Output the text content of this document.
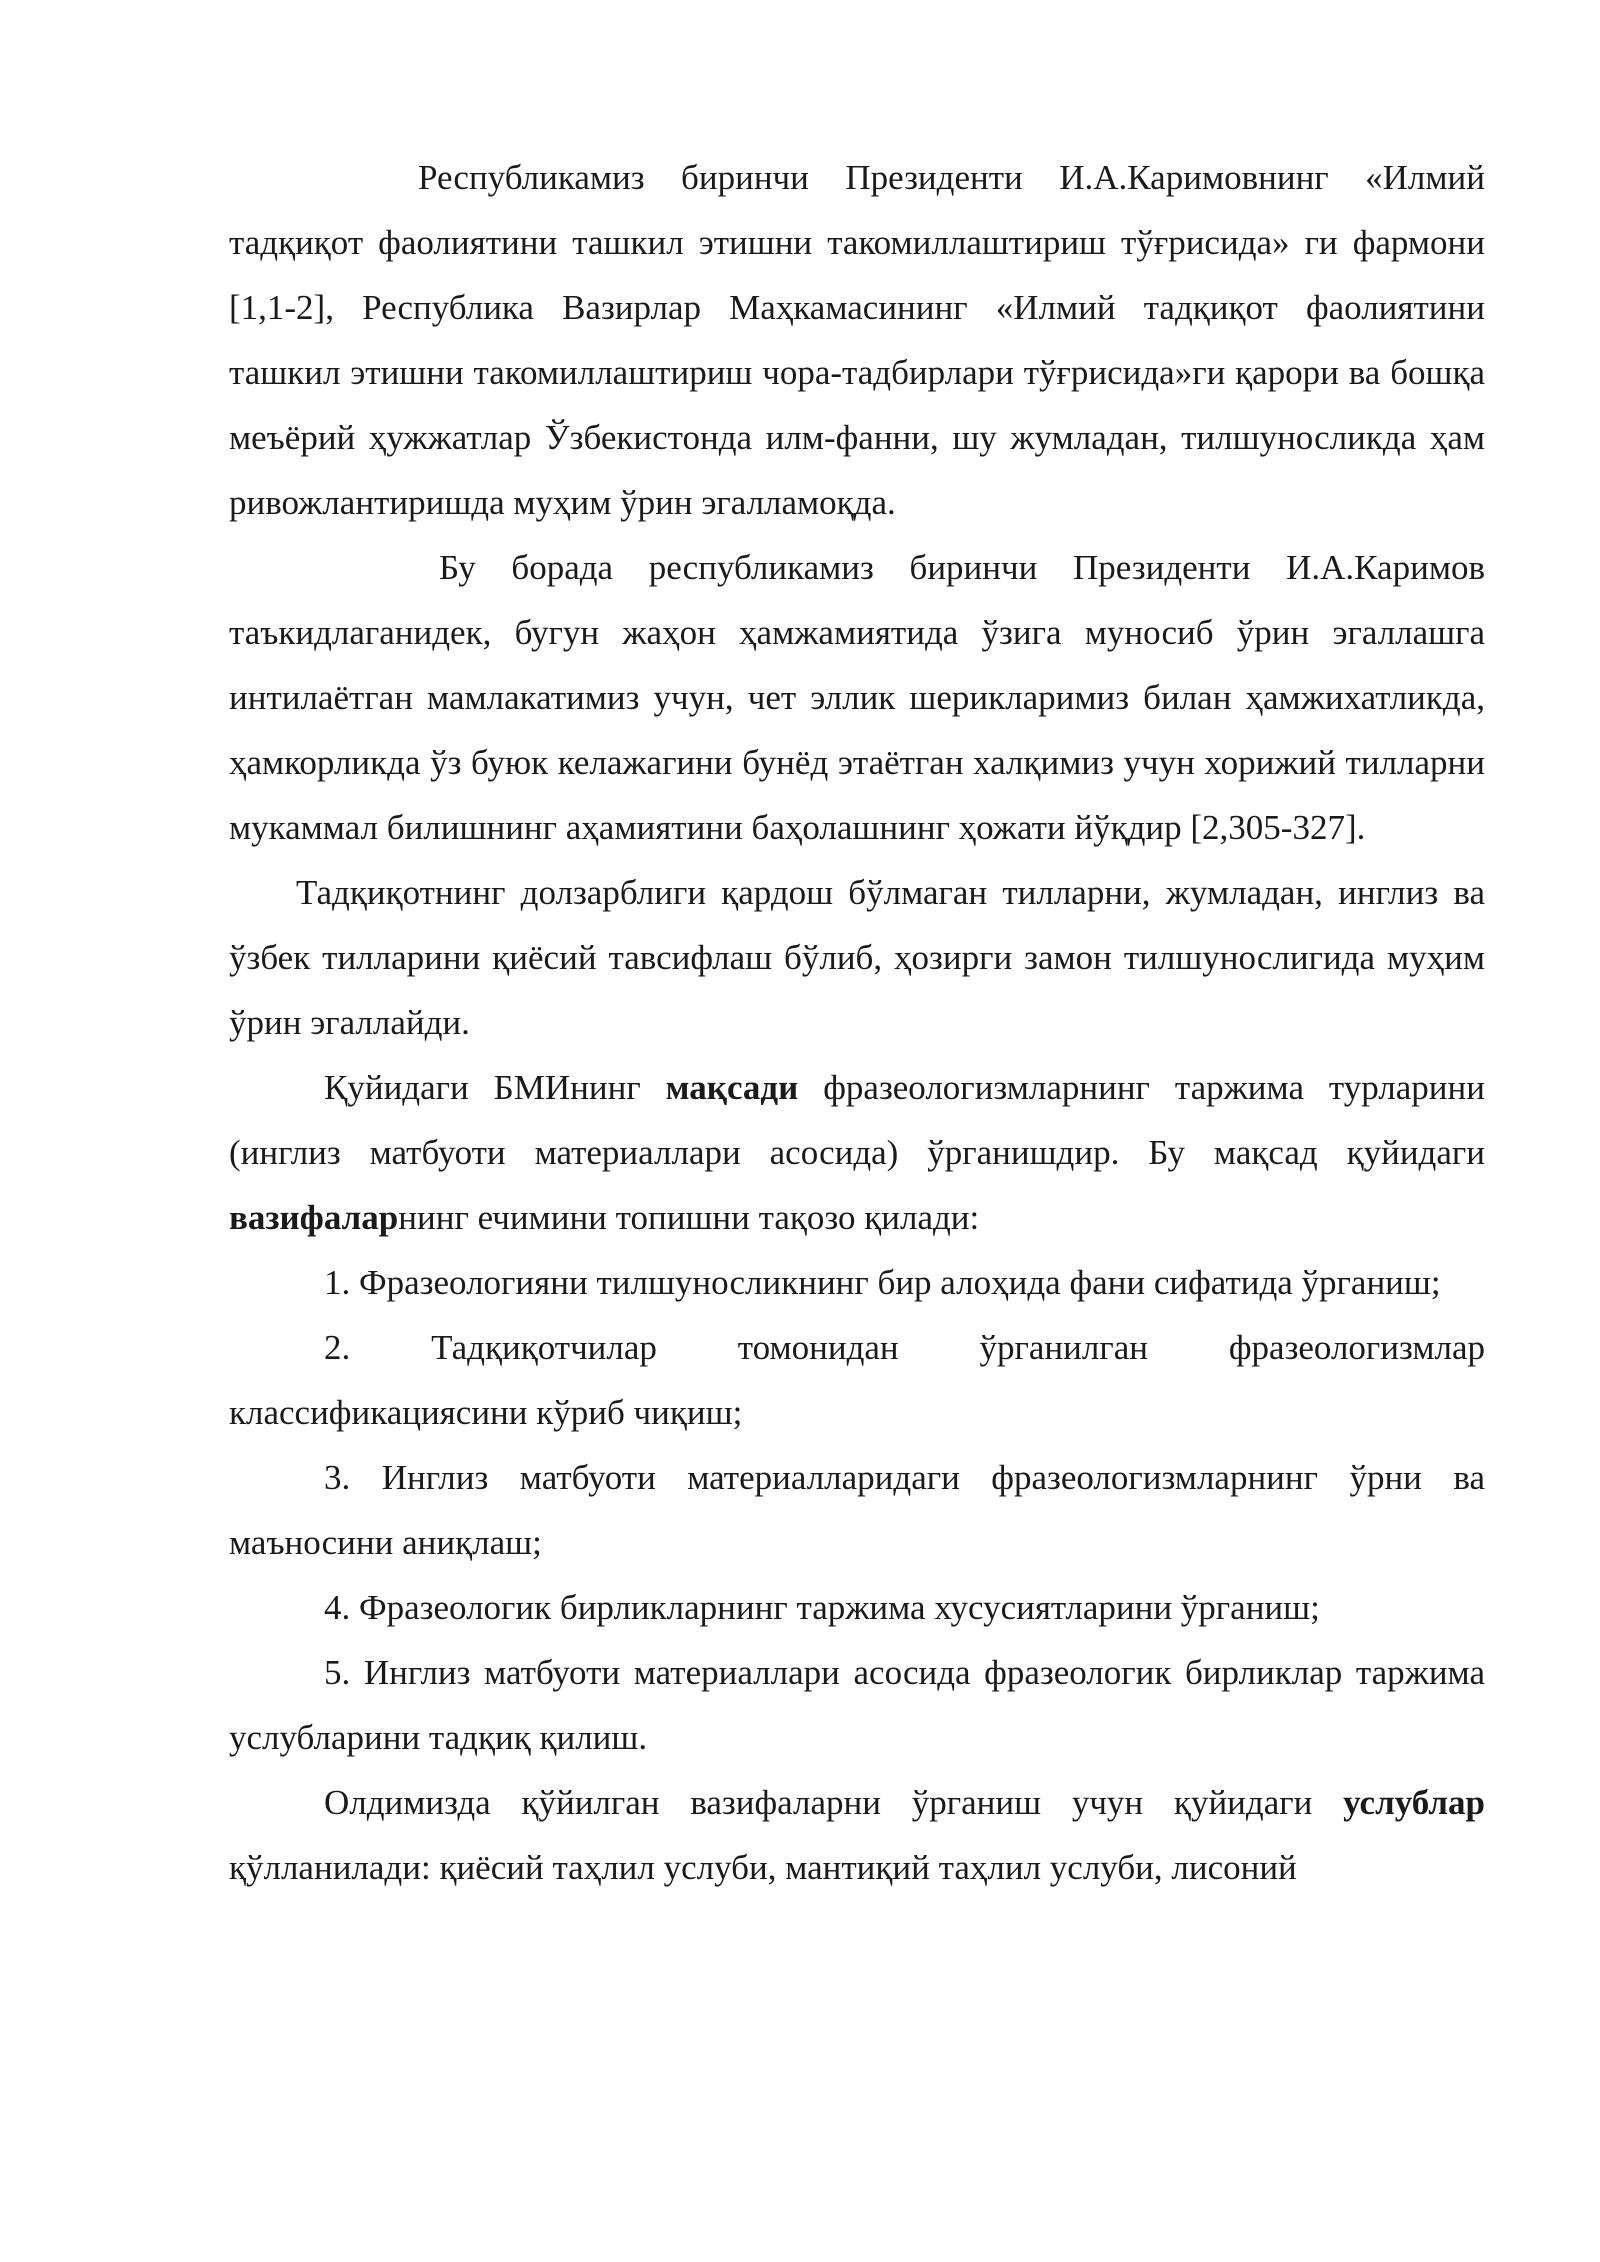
Республикамиз биринчи Президенти И.А.Каримовнинг «Илмий тадқиқот фаолиятини ташкил этишни такомиллаштириш тўғрисида» ги фармони [1,1-2], Республика Вазирлар Маҳкамасининг «Илмий тадқиқот фаолиятини ташкил этишни такомиллаштириш чора-тадбирлари тўғрисида»ги қарори ва бошқа меъёрий ҳужжатлар Ўзбекистонда илм-фанни, шу жумладан, тилшуносликда ҳам ривожлантиришда муҳим ўрин эгалламоқда.

Бу борада республикамиз биринчи Президенти И.А.Каримов таъкидлаганидек, бугун жаҳон ҳамжамиятида ўзига муносиб ўрин эгаллашга интилаётган мамлакатимиз учун, чет эллик шерикларимиз билан ҳамжихатликда, ҳамкорликда ўз буюк келажагини бунёд этаётган халқимиз учун хорижий тилларни мукаммал билишнинг аҳамиятини баҳолашнинг ҳожати йўқдир [2,305-327].

Тадқиқотнинг долзарблиги қардош бўлмаган тилларни, жумладан, инглиз ва ўзбек тилларини қиёсий тавсифлаш бўлиб, ҳозирги замон тилшунослигида муҳим ўрин эгаллайди.

Қуйидаги БМИнинг мақсади фразеологизмларнинг таржима турларини (инглиз матбуоти материаллари асосида) ўрганишдир. Бу мақсад қуйидаги вазифаларнинг ечимини топишни тақозо қилади:

1. Фразеологияни тилшуносликнинг бир алоҳида фани сифатида ўрганиш;

2. Тадқиқотчилар томонидан ўрганилган фразеологизмлар классификациясини кўриб чиқиш;

3. Инглиз матбуоти материалларидаги фразеологизмларнинг ўрни ва маъносини аниқлаш;

4. Фразеологик бирликларнинг таржима хусусиятларини ўрганиш;

5. Инглиз матбуоти материаллари асосида фразеологик бирликлар таржима услубларини тадқиқ қилиш.

Олдимизда қўйилган вазифаларни ўрганиш учун қуйидаги услублар қўлланилади: қиёсий таҳлил услуби, мантиқий таҳлил услуби, лисоний
